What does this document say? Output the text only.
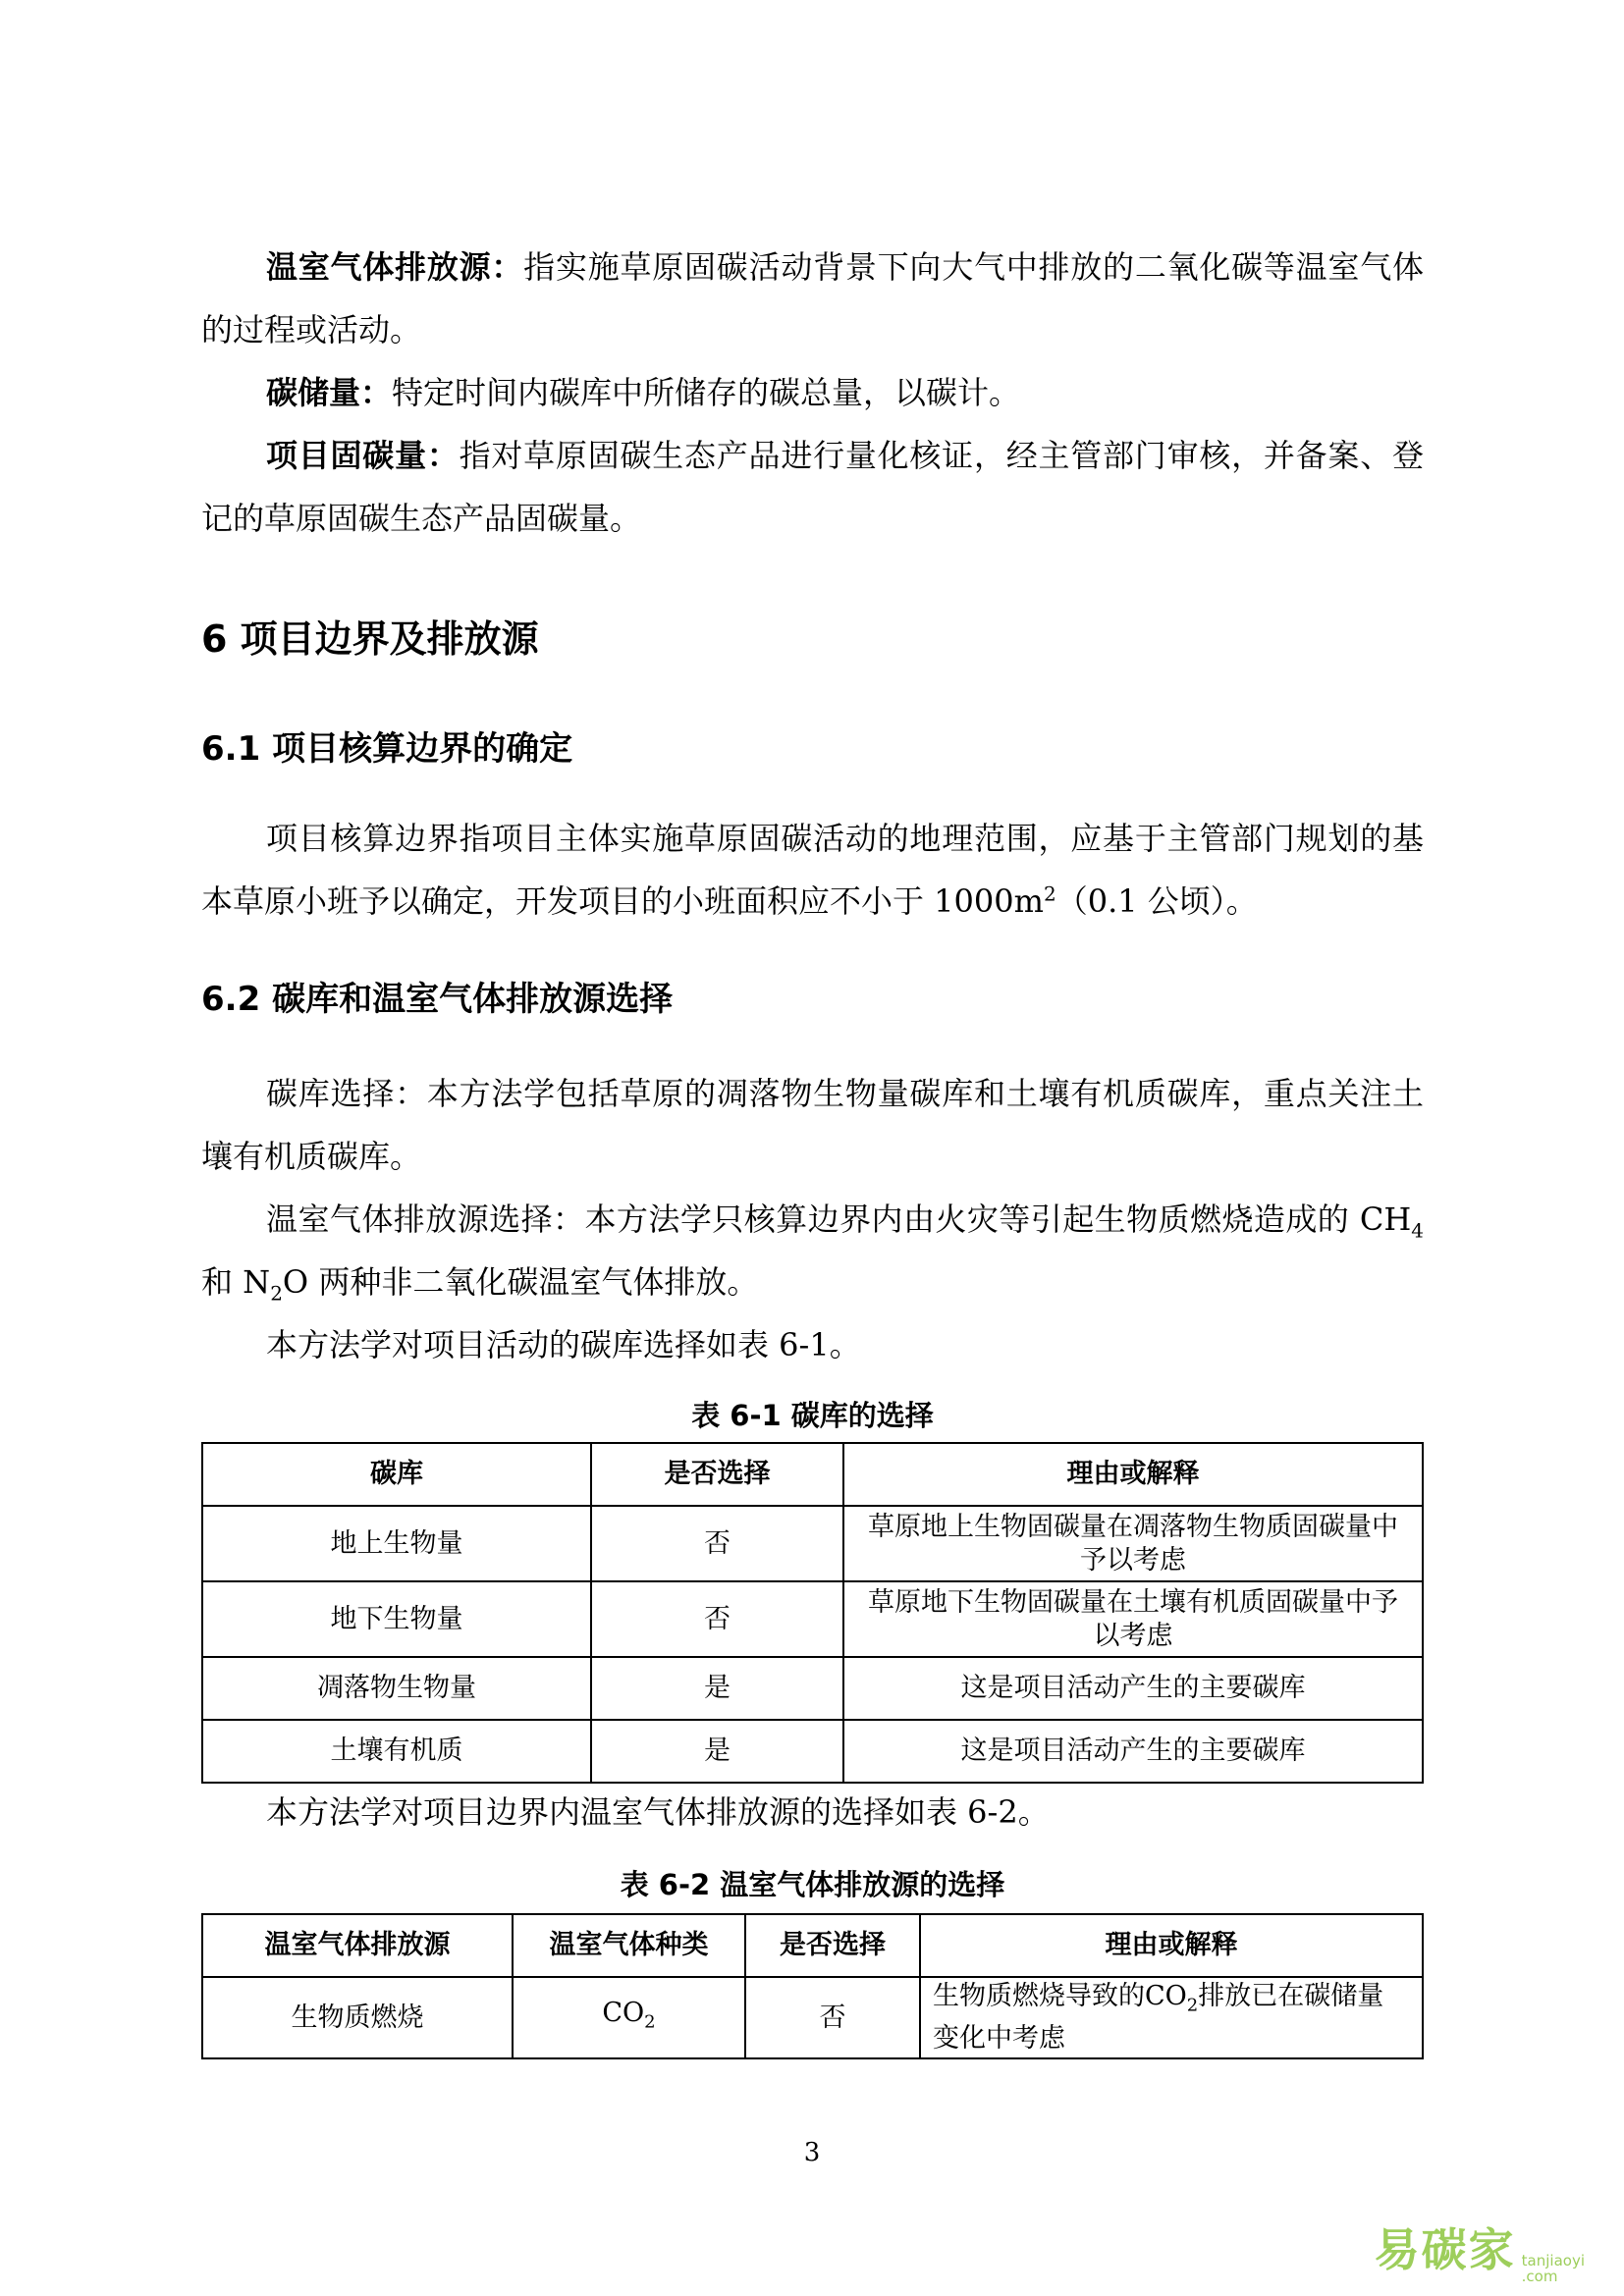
温室气体排放源：指实施草原固碳活动背景下向大气中排放的二氧化碳等温室气体的过程或活动。

碳储量：特定时间内碳库中所储存的碳总量，以碳计。

项目固碳量：指对草原固碳生态产品进行量化核证，经主管部门审核，并备案、登记的草原固碳生态产品固碳量。

6 项目边界及排放源
6.1 项目核算边界的确定

项目核算边界指项目主体实施草原固碳活动的地理范围，应基于主管部门规划的基本草原小班予以确定，开发项目的小班面积应不小于 $1000m^2(0.1$ 公顷）。

6.2 碳库和温室气体排放源选择

碳库选择：本方法学包括草原的凋落物生物量碳库和土壤有机质碳库，重点关注土壤有机质碳库。

温室气体排放源选择：本方法学只核算边界内由火灾等引起生物质燃烧造成的 $CH_4$ 和 $N_2O$ 两种非二氧化碳温室气体排放。

本方法学对项目活动的碳库选择如表 6-1。

表 6-1 碳库的选择
碳库	是否选择	理由或解释
地上生物量	否	草原地上生物固碳量在凋落物生物质固碳量中予以考虑
地下生物量	否	草原地下生物固碳量在土壤有机质固碳量中予以考虑
凋落物生物量	是	这是项目活动产生的主要碳库
土壤有机质	是	这是项目活动产生的主要碳库

本方法学对项目边界内温室气体排放源的选择如表 6-2。

表 6-2 温室气体排放源的选择
温室气体排放源	温室气体种类	是否选择	理由或解释
生物质燃烧	$CO_2$	否	生物质燃烧导致的$CO_2$排放已在碳储量变化中考虑
3
易碳家 tanjiaoyi
.com
